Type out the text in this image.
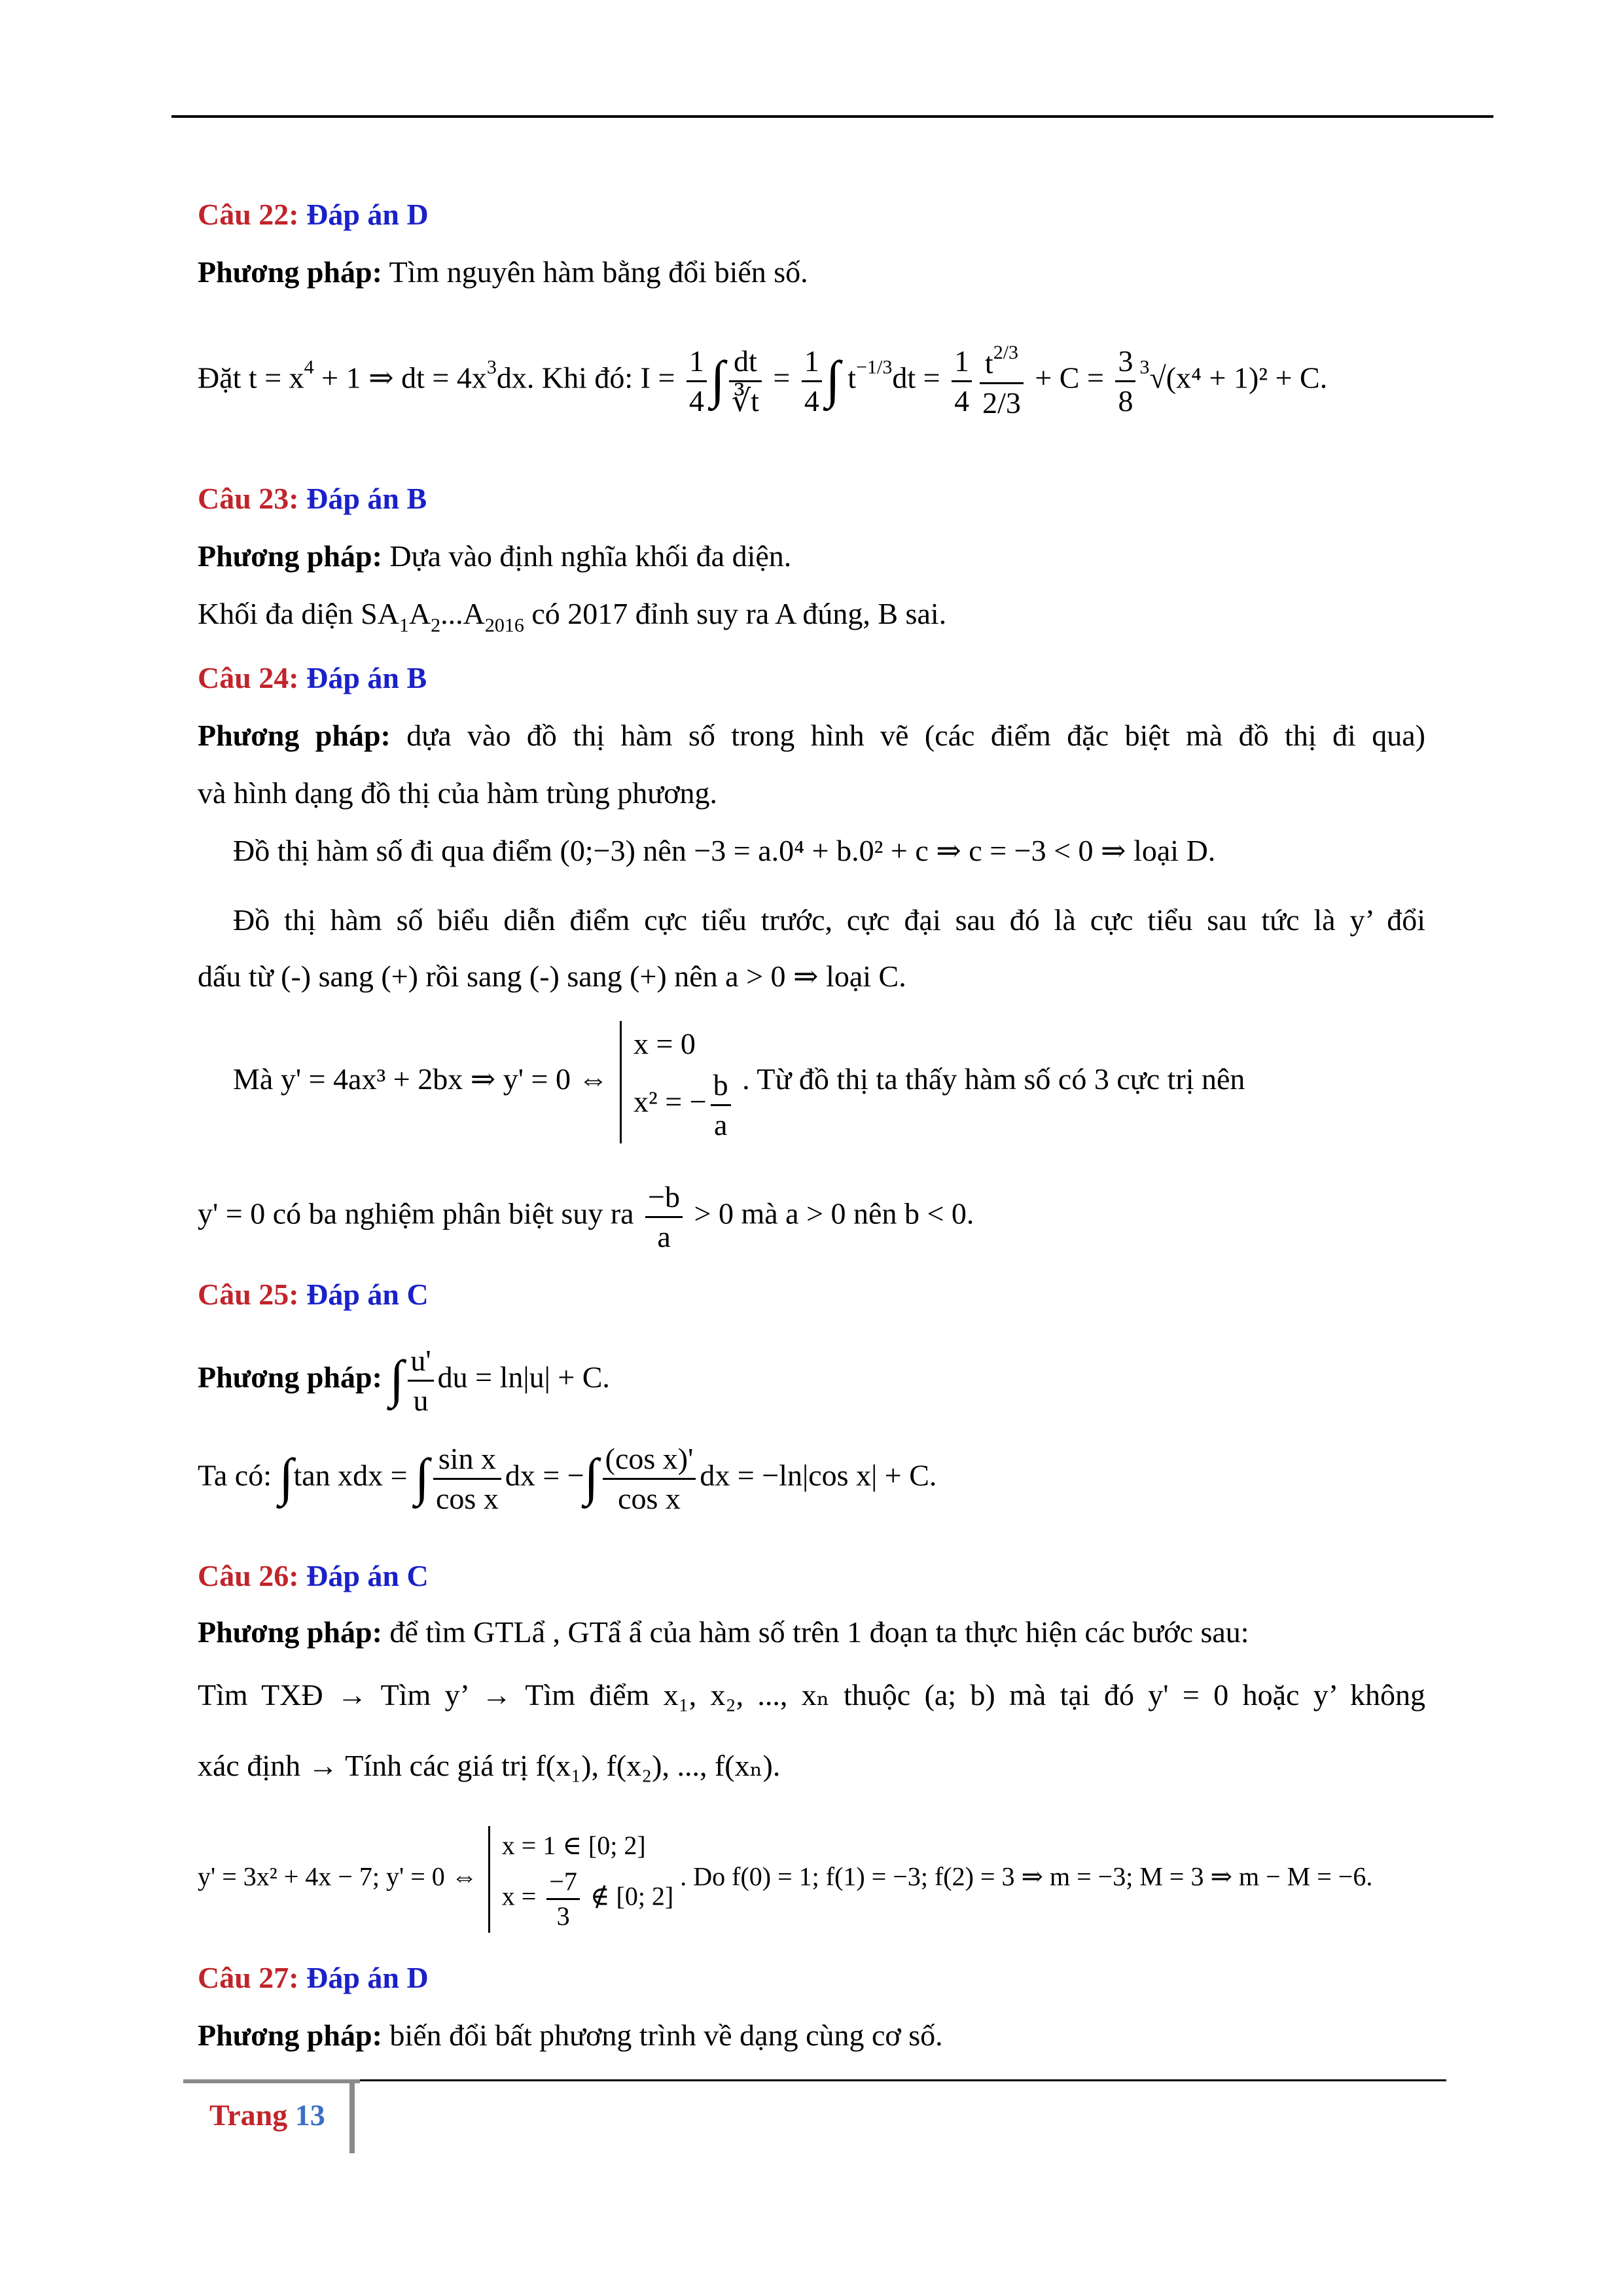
Câu 22: Đáp án D
Phương pháp: Tìm nguyên hàm bằng đổi biến số.
Đặt $t = x^4 + 1$ ⇒ dt = $4x^3dx$. Khi đó: $I = \frac{1}{4}$ ∫ $\frac{dt}{∛t} = \frac{1}{4}$ ∫ $t^{-1/3}dt = \frac{1}{4} \frac{t^{2/3}}{2/3} + C = \frac{3}{8} ^3√(x^4 + 1)^2 + C$.
Câu 23: Đáp án B
Phương pháp: Dựa vào định nghĩa khối đa diện.
Khối đa diện $SA_1A_2...A_{2016}$ có 2017 đỉnh suy ra A đúng, B sai.
Câu 24: Đáp án B
Phương pháp: dựa vào đồ thị hàm số trong hình vẽ (các điểm đặc biệt mà đồ thị đi qua)
và hình dạng đồ thị của hàm trùng phương.
Đồ thị hàm số đi qua điểm (0;−3) nên −3 = a.0⁴ + b.0² + c ⇒ c = −3 < 0 ⇒ loại D.
Đồ thị hàm số biểu diễn điểm cực tiểu trước, cực đại sau đó là cực tiểu sau tức là y’ đổi
dấu từ (-) sang (+) rồi sang (-) sang (+) nên a > 0 ⇒ loại C.
Mà y' = 4ax³ + 2bx ⇒ y' = 0 ⇔
x = 0
x² = − $\frac{b}{a}$ . Từ đồ thị ta thấy hàm số có 3 cực trị nên
y' = 0 có ba nghiệm phân biệt suy ra $\frac{-b}{a} > 0$ mà a > 0 nên b < 0.
Câu 25: Đáp án C
Phương pháp: ∫ $\frac{u'}{u}$ du = ln|u| + C.
Ta có: ∫tan xdx = ∫ $\frac{\text{sin x}}{\text{cos x}}$ dx = −∫ $\frac{\text{(cos x)'}}{\text{cos x}}$ dx = −ln|cos x| + C.
Câu 26: Đáp án C
Phương pháp: để tìm GTLẩ , GTẩ ẩ của hàm số trên 1 đoạn ta thực hiện các bước sau:
Tìm TXĐ → Tìm y’ → Tìm điểm x₁, x₂, ..., xₙ thuộc (a; b) mà tại đó y' = 0 hoặc y’ không
xác định → Tính các giá trị f(x₁), f(x₂), ..., f(xₙ).
y' = 3x² + 4x − 7; y' = 0 ⇔
x = 1 ∈ [0; 2]
$x = \frac{-7}{3}$ ∉ [0; 2]
. Do f(0) = 1; f(1) = −3; f(2) = 3 ⇒ m = −3; M = 3 ⇒ m − M = −6.
Câu 27: Đáp án D
Phương pháp: biến đổi bất phương trình về dạng cùng cơ số.
Trang 13
